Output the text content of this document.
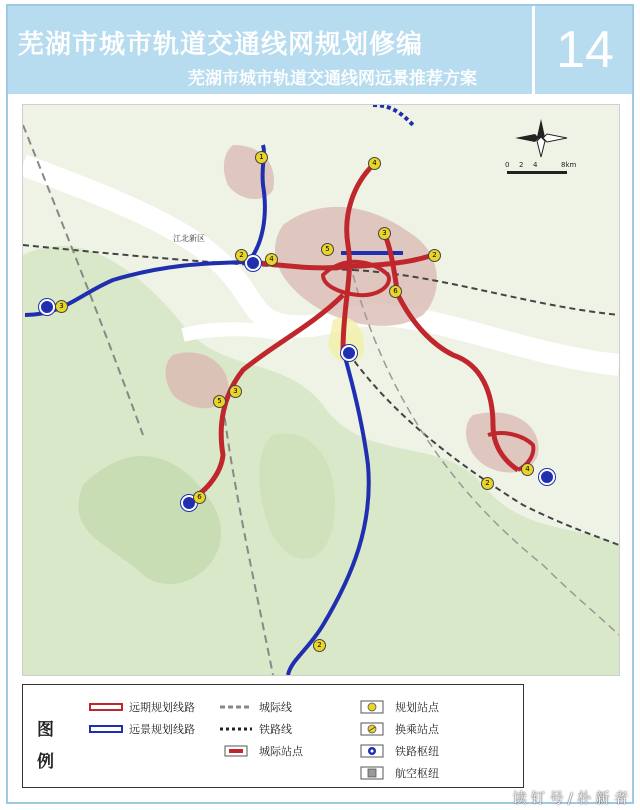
芜湖市城市轨道交通线网规划修编
芜湖市城市轨道交通线网远景推荐方案	14
0 2 4	8km
江北新区
1
4
3
2
5
6
2	4
3
3
5
6
4
2
2
图
例
远期规划线路
远景规划线路
城际线
铁路线
城际站点
规划站点
换乘站点
铁路枢纽
航空枢纽
读 钉 号 / 朴 新 者
